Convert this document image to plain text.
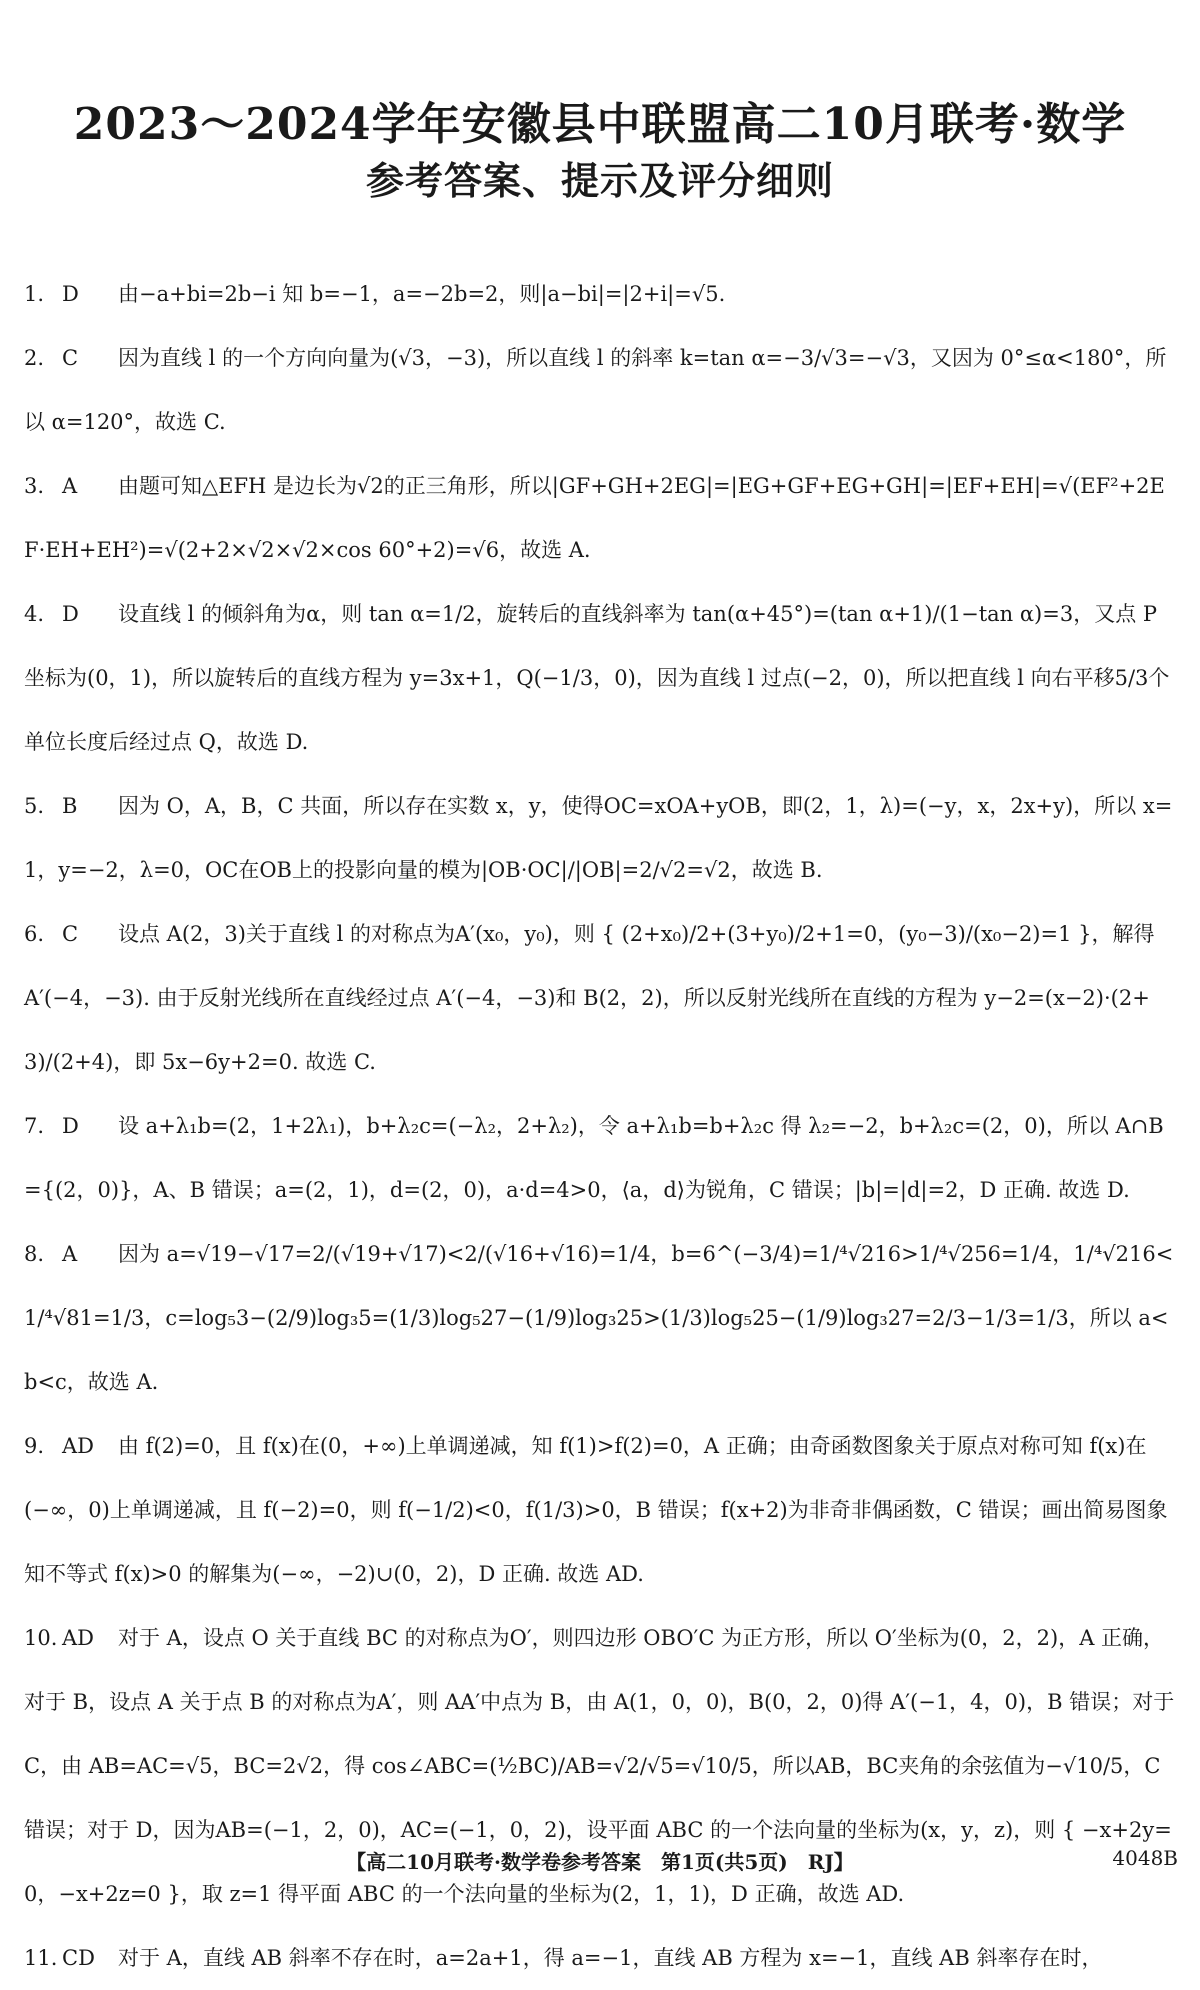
2023～2024学年安徽县中联盟高二10月联考·数学
参考答案、提示及评分细则

1. D 由−a+bi=2b−i 知 b=−1，a=−2b=2，则|a−bi|=|2+i|=√5.

2. C 因为直线 l 的一个方向向量为(√3，−3)，所以直线 l 的斜率 k=tan α=−3/√3=−√3，又因为 0°≤α<180°，所以 α=120°，故选 C.

3. A 由题可知△EFH 是边长为√2的正三角形，所以|GF+GH+2EG|=|EG+GF+EG+GH|=|EF+EH|=√(EF²+2EF·EH+EH²)=√(2+2×√2×√2×cos 60°+2)=√6，故选 A.

4. D 设直线 l 的倾斜角为α，则 tan α=1/2，旋转后的直线斜率为 tan(α+45°)=(tan α+1)/(1−tan α)=3，又点 P 坐标为(0，1)，所以旋转后的直线方程为 y=3x+1，Q(−1/3，0)，因为直线 l 过点(−2，0)，所以把直线 l 向右平移5/3个单位长度后经过点 Q，故选 D.

5. B 因为 O，A，B，C 共面，所以存在实数 x，y，使得OC=xOA+yOB，即(2，1，λ)=(−y，x，2x+y)，所以 x=1，y=−2，λ=0，OC在OB上的投影向量的模为|OB·OC|/|OB|=2/√2=√2，故选 B.

6. C 设点 A(2，3)关于直线 l 的对称点为A′(x₀，y₀)，则 { (2+x₀)/2+(3+y₀)/2+1=0，(y₀−3)/(x₀−2)=1 }，解得 A′(−4，−3). 由于反射光线所在直线经过点 A′(−4，−3)和 B(2，2)，所以反射光线所在直线的方程为 y−2=(x−2)·(2+3)/(2+4)，即 5x−6y+2=0. 故选 C.

7. D 设 a+λ₁b=(2，1+2λ₁)，b+λ₂c=(−λ₂，2+λ₂)，令 a+λ₁b=b+λ₂c 得 λ₂=−2，b+λ₂c=(2，0)，所以 A∩B={(2，0)}，A、B 错误；a=(2，1)，d=(2，0)，a·d=4>0，⟨a，d⟩为锐角，C 错误；|b|=|d|=2，D 正确. 故选 D.

8. A 因为 a=√19−√17=2/(√19+√17)<2/(√16+√16)=1/4，b=6^(−3/4)=1/⁴√216>1/⁴√256=1/4，1/⁴√216<1/⁴√81=1/3，c=log₅3−(2/9)log₃5=(1/3)log₅27−(1/9)log₃25>(1/3)log₅25−(1/9)log₃27=2/3−1/3=1/3，所以 a<b<c，故选 A.

9. AD 由 f(2)=0，且 f(x)在(0，+∞)上单调递减，知 f(1)>f(2)=0，A 正确；由奇函数图象关于原点对称可知 f(x)在(−∞，0)上单调递减，且 f(−2)=0，则 f(−1/2)<0，f(1/3)>0，B 错误；f(x+2)为非奇非偶函数，C 错误；画出简易图象知不等式 f(x)>0 的解集为(−∞，−2)∪(0，2)，D 正确. 故选 AD.

10. AD 对于 A，设点 O 关于直线 BC 的对称点为O′，则四边形 OBO′C 为正方形，所以 O′坐标为(0，2，2)，A 正确，对于 B，设点 A 关于点 B 的对称点为A′，则 AA′中点为 B，由 A(1，0，0)，B(0，2，0)得 A′(−1，4，0)，B 错误；对于 C，由 AB=AC=√5，BC=2√2，得 cos∠ABC=(½BC)/AB=√2/√5=√10/5，所以AB，BC夹角的余弦值为−√10/5，C 错误；对于 D，因为AB=(−1，2，0)，AC=(−1，0，2)，设平面 ABC 的一个法向量的坐标为(x，y，z)，则 { −x+2y=0，−x+2z=0 }，取 z=1 得平面 ABC 的一个法向量的坐标为(2，1，1)，D 正确，故选 AD.

11. CD 对于 A，直线 AB 斜率不存在时，a=2a+1，得 a=−1，直线 AB 方程为 x=−1，直线 AB 斜率存在时，

【高二10月联考·数学卷参考答案　第1页(共5页)　RJ】	4048B
